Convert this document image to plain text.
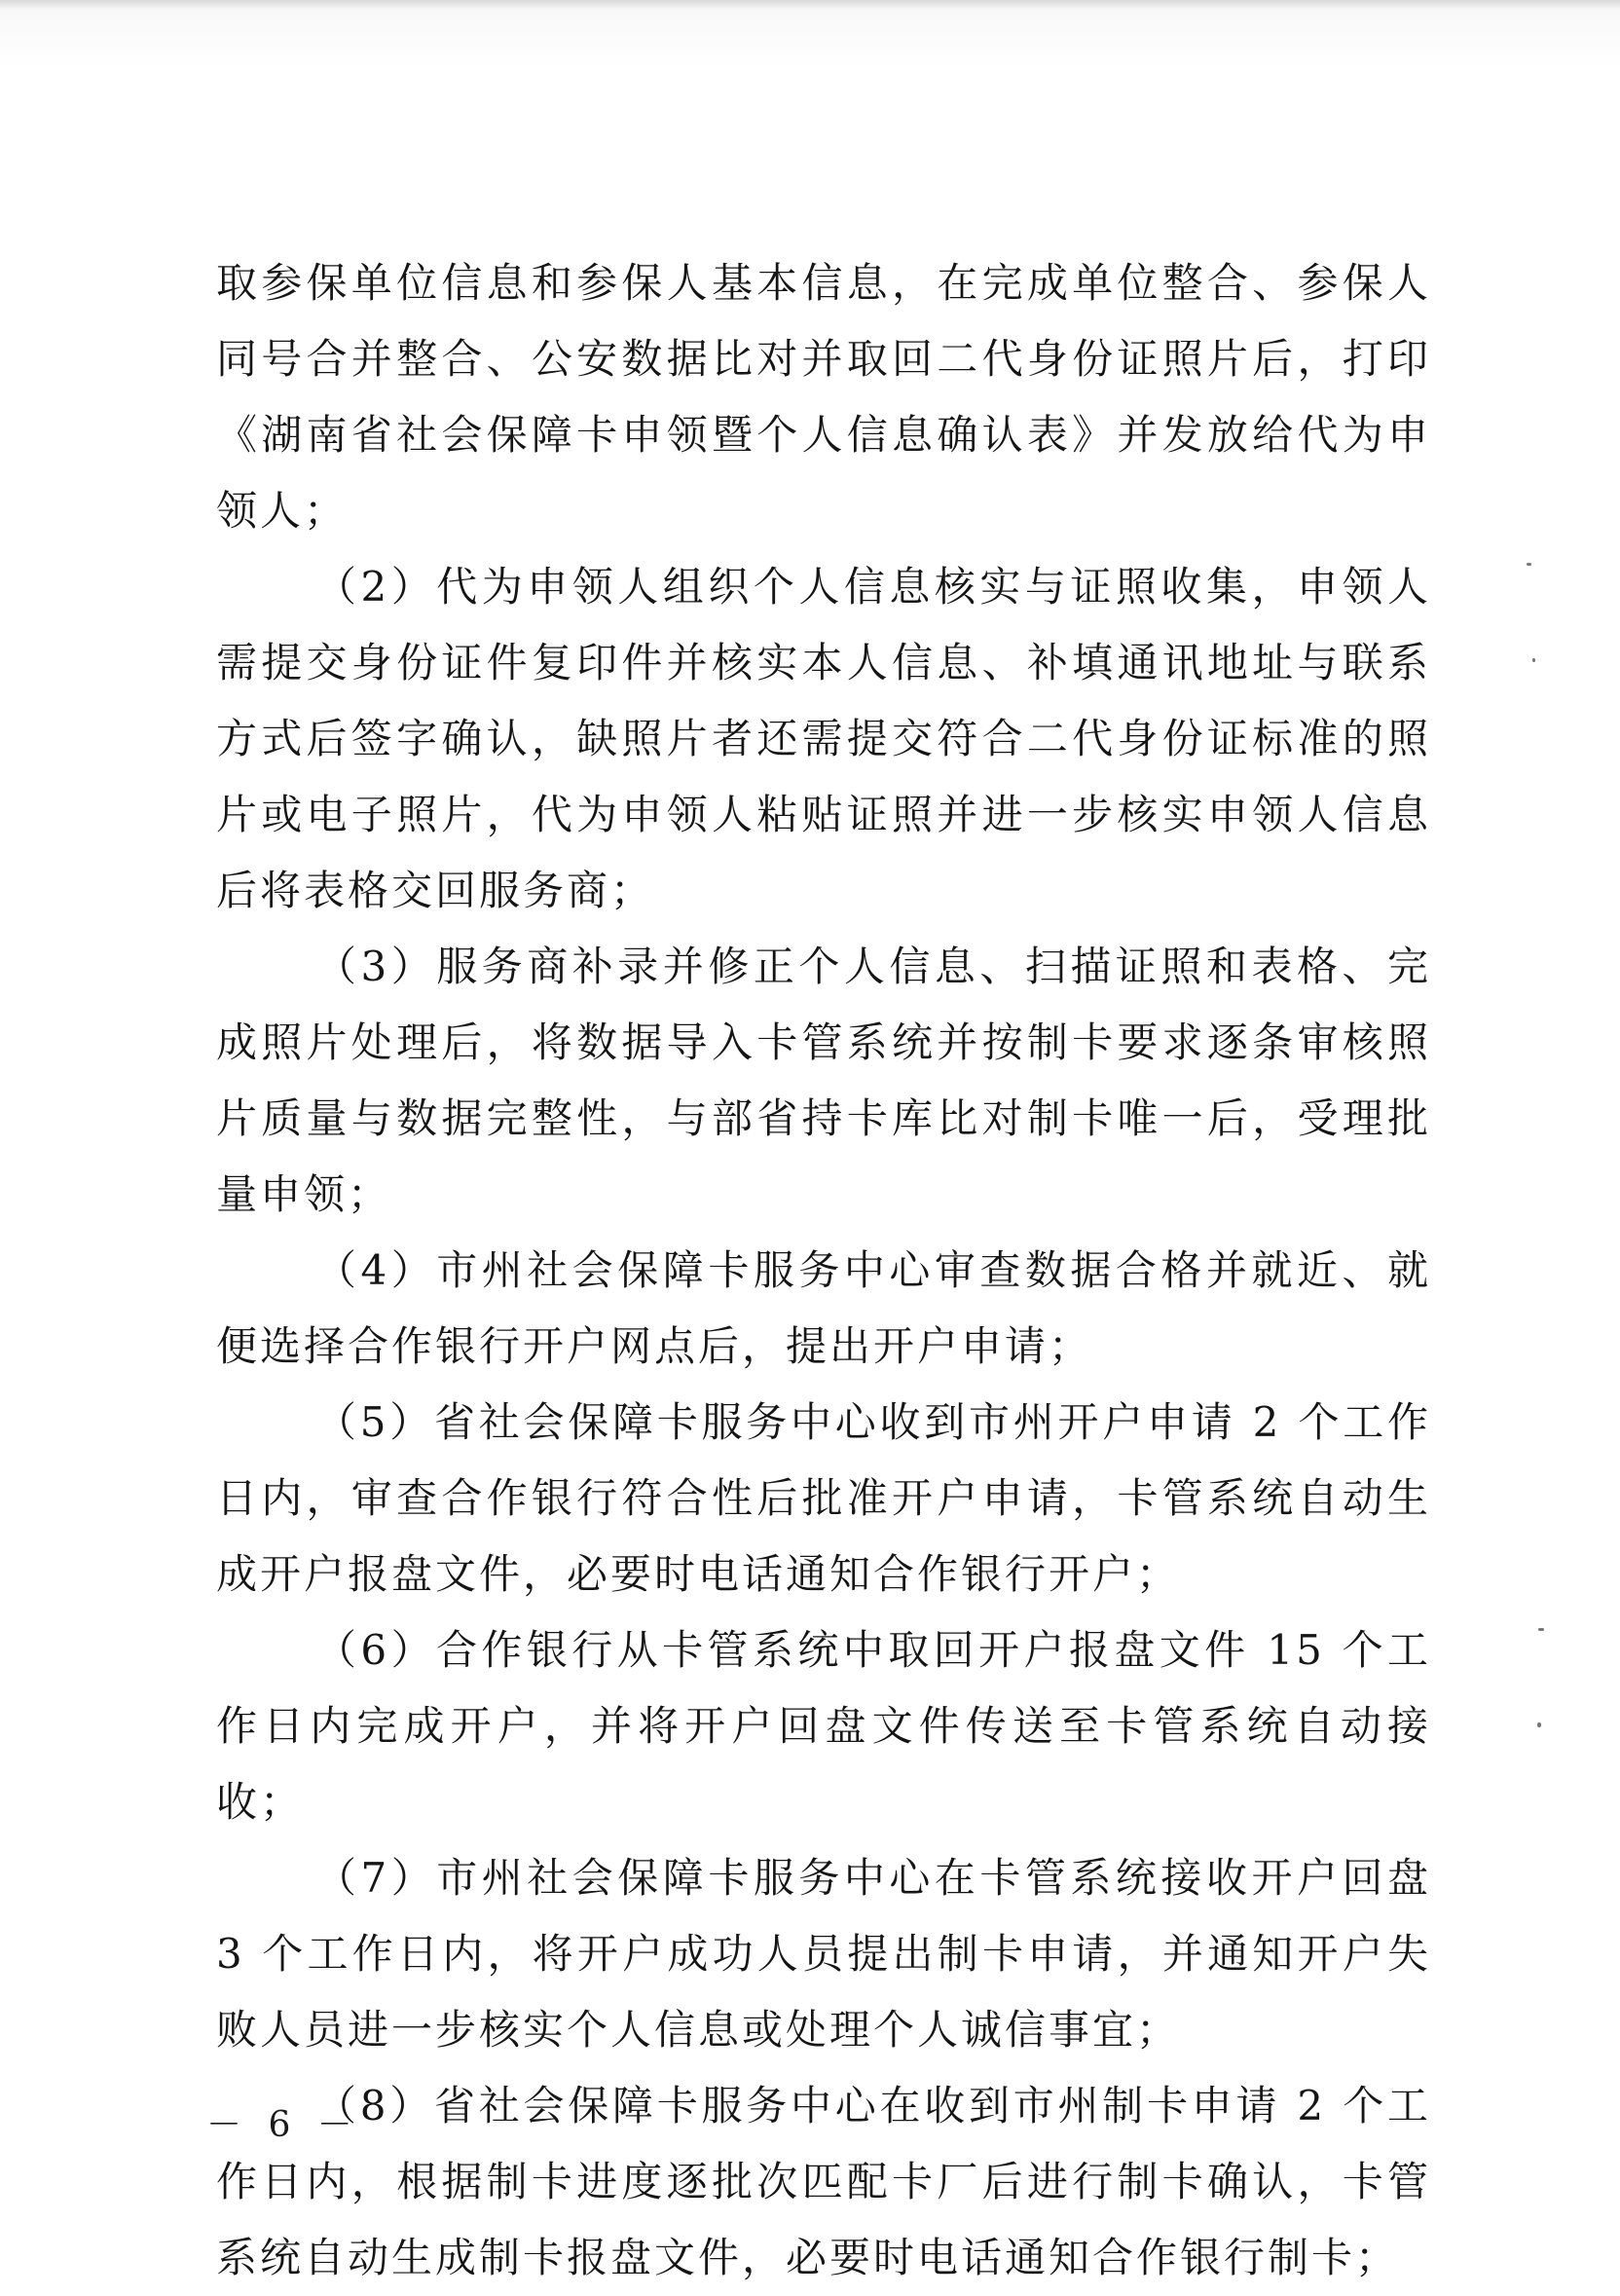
取参保单位信息和参保人基本信息，在完成单位整合、参保人同号合并整合、公安数据比对并取回二代身份证照片后，打印《湖南省社会保障卡申领暨个人信息确认表》并发放给代为申领人；

（2）代为申领人组织个人信息核实与证照收集，申领人需提交身份证件复印件并核实本人信息、补填通讯地址与联系方式后签字确认，缺照片者还需提交符合二代身份证标准的照片或电子照片，代为申领人粘贴证照并进一步核实申领人信息后将表格交回服务商；

（3）服务商补录并修正个人信息、扫描证照和表格、完成照片处理后，将数据导入卡管系统并按制卡要求逐条审核照片质量与数据完整性，与部省持卡库比对制卡唯一后，受理批量申领；

（4）市州社会保障卡服务中心审查数据合格并就近、就便选择合作银行开户网点后，提出开户申请；

（5）省社会保障卡服务中心收到市州开户申请 2 个工作日内，审查合作银行符合性后批准开户申请，卡管系统自动生成开户报盘文件，必要时电话通知合作银行开户；

（6）合作银行从卡管系统中取回开户报盘文件 15 个工作日内完成开户，并将开户回盘文件传送至卡管系统自动接收；

（7）市州社会保障卡服务中心在卡管系统接收开户回盘 3 个工作日内，将开户成功人员提出制卡申请，并通知开户失败人员进一步核实个人信息或处理个人诚信事宜；

（8）省社会保障卡服务中心在收到市州制卡申请 2 个工作日内，根据制卡进度逐批次匹配卡厂后进行制卡确认，卡管系统自动生成制卡报盘文件，必要时电话通知合作银行制卡；

－ 6 －
